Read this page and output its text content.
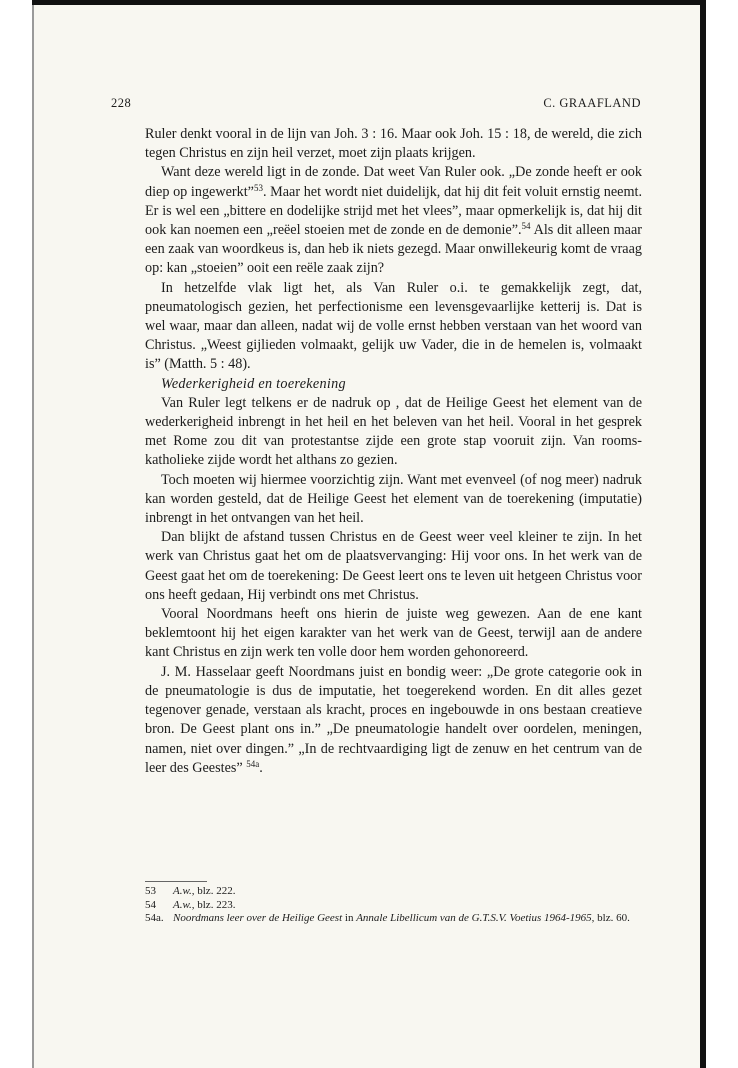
228	C. GRAAFLAND

Ruler denkt vooral in de lijn van Joh. 3 : 16. Maar ook Joh. 15 : 18, de wereld, die zich tegen Christus en zijn heil verzet, moet zijn plaats krijgen.

Want deze wereld ligt in de zonde. Dat weet Van Ruler ook. „De zonde heeft er ook diep op ingewerkt”$^{53}$. Maar het wordt niet duidelijk, dat hij dit feit voluit ernstig neemt. Er is wel een „bittere en dodelijke strijd met het vlees”, maar opmerkelijk is, dat hij dit ook kan noemen een „reëel stoeien met de zonde en de demonie”.$^{54}$ Als dit alleen maar een zaak van woordkeus is, dan heb ik niets gezegd. Maar onwillekeurig komt de vraag op: kan „stoeien” ooit een reële zaak zijn?

In hetzelfde vlak ligt het, als Van Ruler o.i. te gemakkelijk zegt, dat, pneumatologisch gezien, het perfectionisme een levensgevaarlijke ketterij is. Dat is wel waar, maar dan alleen, nadat wij de volle ernst hebben verstaan van het woord van Christus. „Weest gijlieden volmaakt, gelijk uw Vader, die in de hemelen is, volmaakt is” (Matth. 5 : 48).

Wederkerigheid en toerekening

Van Ruler legt telkens er de nadruk op , dat de Heilige Geest het element van de wederkerigheid inbrengt in het heil en het beleven van het heil. Vooral in het gesprek met Rome zou dit van protestantse zijde een grote stap vooruit zijn. Van rooms-katholieke zijde wordt het althans zo gezien.

Toch moeten wij hiermee voorzichtig zijn. Want met evenveel (of nog meer) nadruk kan worden gesteld, dat de Heilige Geest het element van de toerekening (imputatie) inbrengt in het ontvangen van het heil.

Dan blijkt de afstand tussen Christus en de Geest weer veel kleiner te zijn. In het werk van Christus gaat het om de plaatsvervanging: Hij voor ons. In het werk van de Geest gaat het om de toerekening: De Geest leert ons te leven uit hetgeen Christus voor ons heeft gedaan, Hij verbindt ons met Christus.

Vooral Noordmans heeft ons hierin de juiste weg gewezen. Aan de ene kant beklemtoont hij het eigen karakter van het werk van de Geest, terwijl aan de andere kant Christus en zijn werk ten volle door hem worden gehonoreerd.

J. M. Hasselaar geeft Noordmans juist en bondig weer: „De grote categorie ook in de pneumatologie is dus de imputatie, het toegerekend worden. En dit alles gezet tegenover genade, verstaan als kracht, proces en ingebouwde in ons bestaan creatieve bron. De Geest plant ons in.” „De pneumatologie handelt over oordelen, meningen, namen, niet over dingen.” „In de rechtvaardiging ligt de zenuw en het centrum van de leer des Geestes” $^{54a}$.

53	A.w., blz. 222.
54	A.w., blz. 223.
54a. Noordmans leer over de Heilige Geest in Annale Libellicum van de G.T.S.V. Voetius 1964-1965, blz. 60.
